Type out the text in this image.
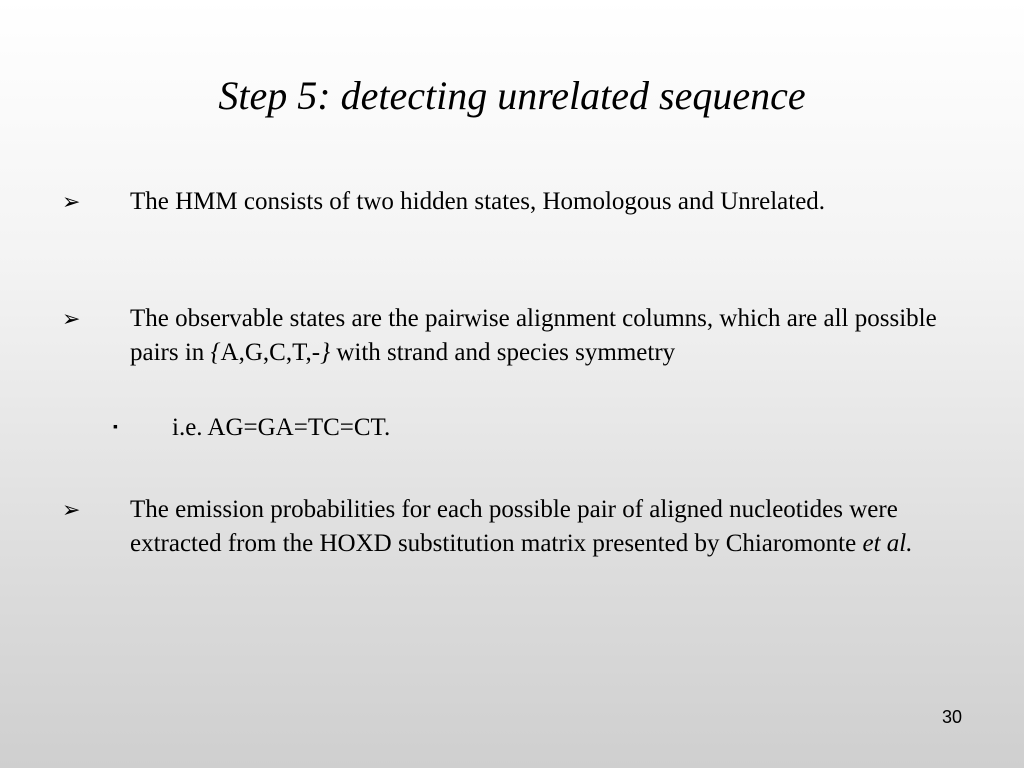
Step 5: detecting unrelated sequence
➢ The HMM consists of two hidden states, Homologous and Unrelated.
➢ The observable states are the pairwise alignment columns, which are all possible pairs in {A,G,C,T,-} with strand and species symmetry
▪ i.e. AG=GA=TC=CT.
➢ The emission probabilities for each possible pair of aligned nucleotides were extracted from the HOXD substitution matrix presented by Chiaromonte et al.
30
